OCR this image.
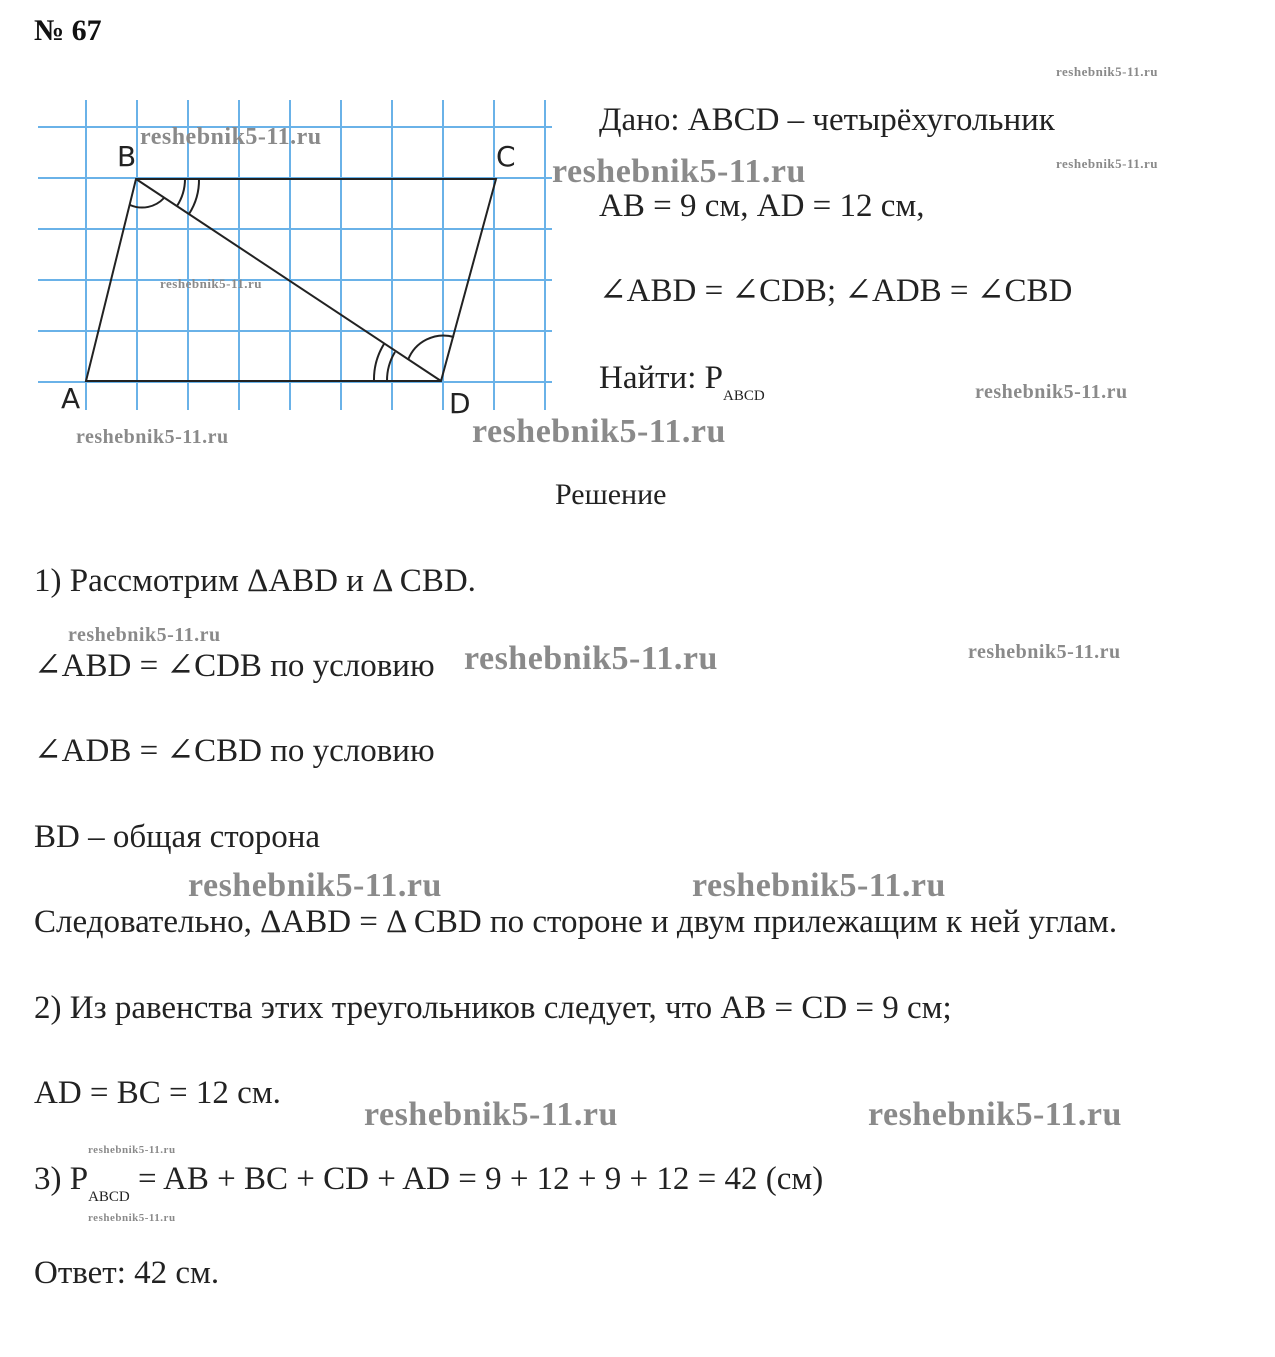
№ 67
B	C
A	D
Дано: ABCD – четырёхугольник
AB = 9 см, AD = 12 см,
∠ABD = ∠CDB; ∠ADB = ∠CBD
Найти: $P_{ABCD}$
Решение
1) Рассмотрим ΔABD и Δ CBD.
∠ABD = ∠CDB по условию
∠ADB = ∠CBD по условию
BD – общая сторона
Следовательно, ΔABD = Δ CBD по стороне и двум прилежащим к ней углам.
2) Из равенства этих треугольников следует, что AB = CD = 9 см;
AD = BC = 12 см.
3) $P_{ABCD}$ = AB + BC + CD + AD = 9 + 12 + 9 + 12 = 42 (см)
Ответ: 42 см.
reshebnik5-11.ru
reshebnik5-11.ru
reshebnik5-11.ru	reshebnik5-11.ru
reshebnik5-11.ru
reshebnik5-11.ru
reshebnik5-11.ru	reshebnik5-11.ru
reshebnik5-11.ru
reshebnik5-11.ru	reshebnik5-11.ru
reshebnik5-11.ru	reshebnik5-11.ru
reshebnik5-11.ru	reshebnik5-11.ru
reshebnik5-11.ru
reshebnik5-11.ru
